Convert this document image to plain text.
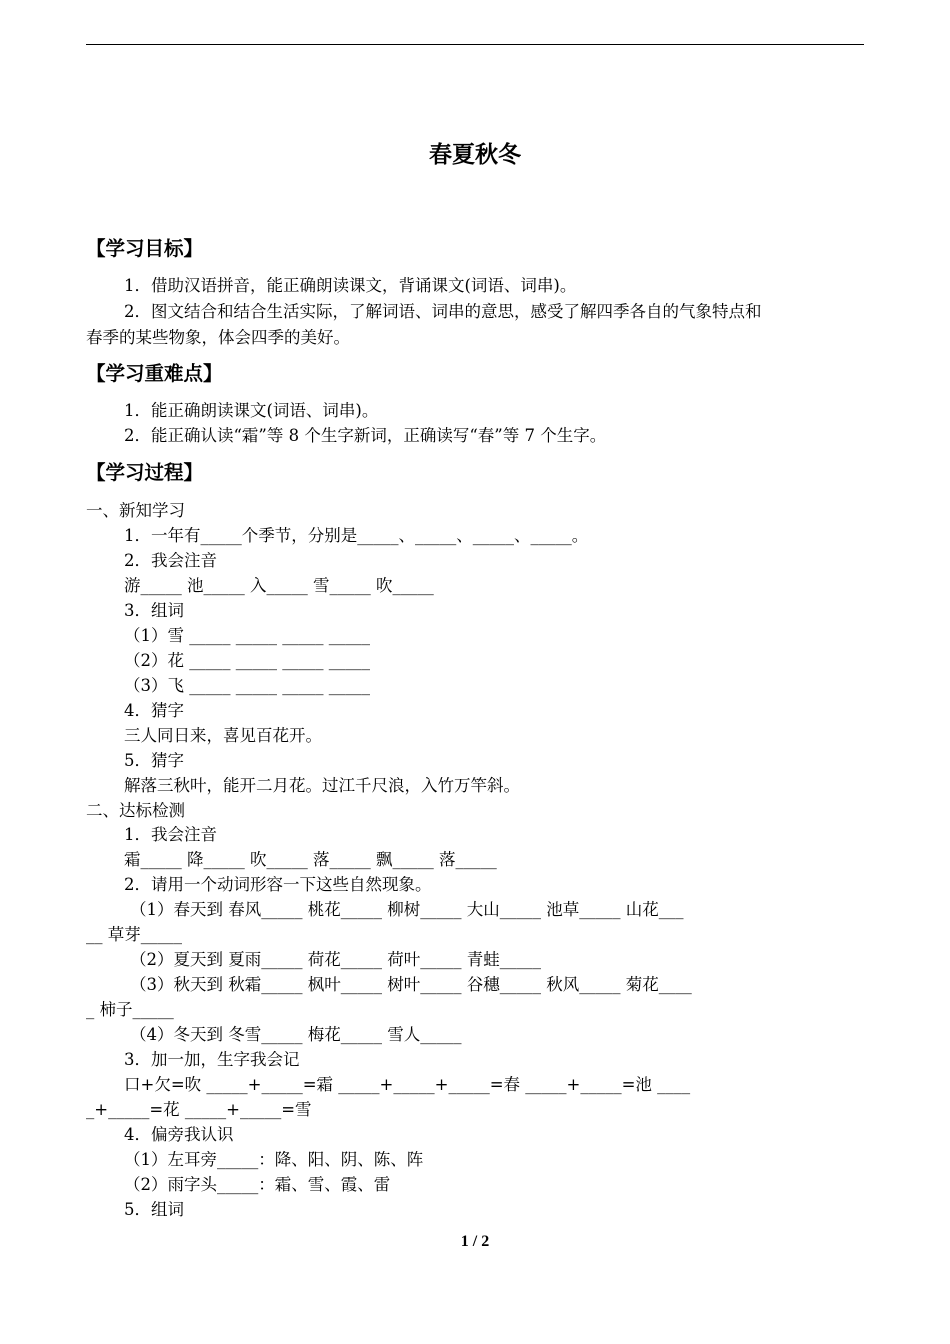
春夏秋冬
【学习目标】
1．借助汉语拼音，能正确朗读课文，背诵课文(词语、词串)。
2．图文结合和结合生活实际，了解词语、词串的意思，感受了解四季各自的气象特点和
春季的某些物象，体会四季的美好。
【学习重难点】
1．能正确朗读课文(词语、词串)。
2．能正确认读“霜”等 8 个生字新词，正确读写“春”等 7 个生字。
【学习过程】
一、新知学习
1．一年有_____个季节，分别是_____、_____、_____、_____。
2．我会注音
游_____ 池_____ 入_____ 雪_____ 吹_____
3．组词
（1）雪 _____ _____ _____ _____
（2）花 _____ _____ _____ _____
（3）飞 _____ _____ _____ _____
4．猜字
三人同日来，喜见百花开。
5．猜字
解落三秋叶，能开二月花。过江千尺浪，入竹万竿斜。
二、达标检测
1．我会注音
霜_____ 降_____ 吹_____ 落_____ 飘_____ 落_____
2．请用一个动词形容一下这些自然现象。
（1）春天到 春风_____ 桃花_____ 柳树_____ 大山_____ 池草_____ 山花___
__ 草芽_____
（2）夏天到 夏雨_____ 荷花_____ 荷叶_____ 青蛙_____
（3）秋天到 秋霜_____ 枫叶_____ 树叶_____ 谷穗_____ 秋风_____ 菊花____
_ 柿子_____
（4）冬天到 冬雪_____ 梅花_____ 雪人_____
3．加一加，生字我会记
口+欠=吹 _____+_____=霜 _____+_____+_____=春 _____+_____=池 ____
_+_____=花 _____+_____=雪
4．偏旁我认识
（1）左耳旁_____：降、阳、阴、陈、阵
（2）雨字头_____：霜、雪、霞、雷
5．组词
1 / 2
